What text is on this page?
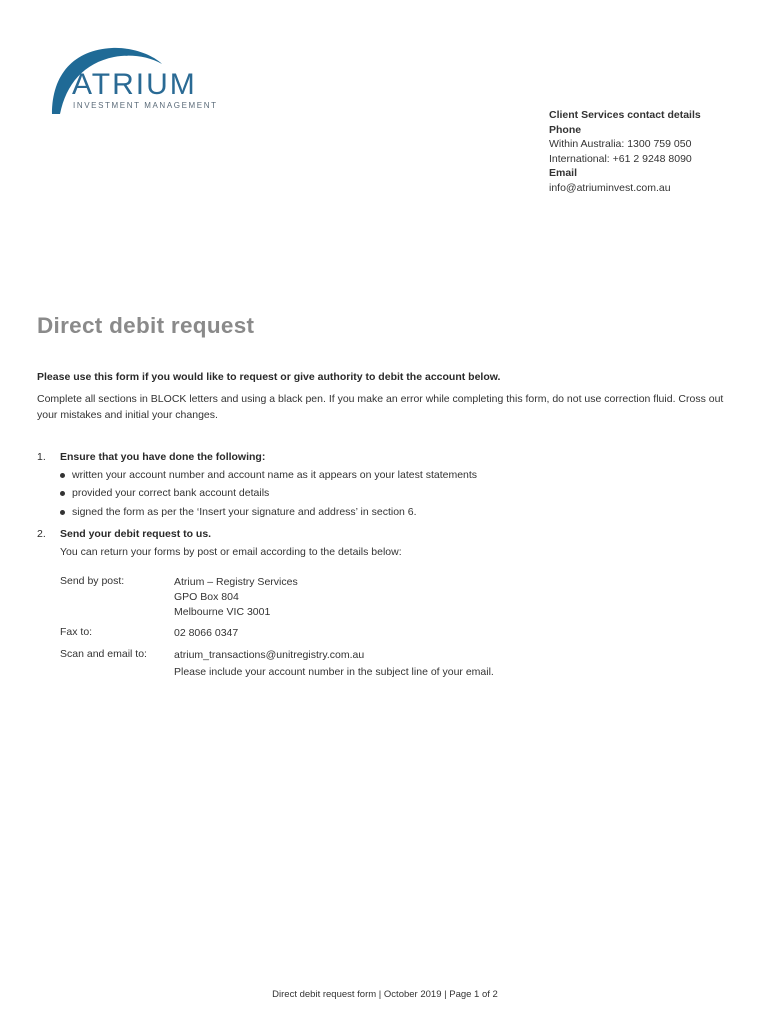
ATRIUM
INVESTMENT MANAGEMENT
Client Services contact details
Phone
Within Australia: 1300 759 050
International: +61 2 9248 8090
Email
info@atriuminvest.com.au
Direct debit request
Please use this form if you would like to request or give authority to debit the account below.
Complete all sections in BLOCK letters and using a black pen. If you make an error while completing this form, do not use correction fluid. Cross out your mistakes and initial your changes.
1. Ensure that you have done the following:
written your account number and account name as it appears on your latest statements
provided your correct bank account details
signed the form as per the ‘Insert your signature and address’ in section 6.
2. Send your debit request to us.
You can return your forms by post or email according to the details below:
Send by post:	Atrium – Registry Services
GPO Box 804
Melbourne VIC 3001
Fax to:	02 8066 0347
Scan and email to:	atrium_transactions@unitregistry.com.au
Please include your account number in the subject line of your email.
Direct debit request form | October 2019 | Page 1 of 2
